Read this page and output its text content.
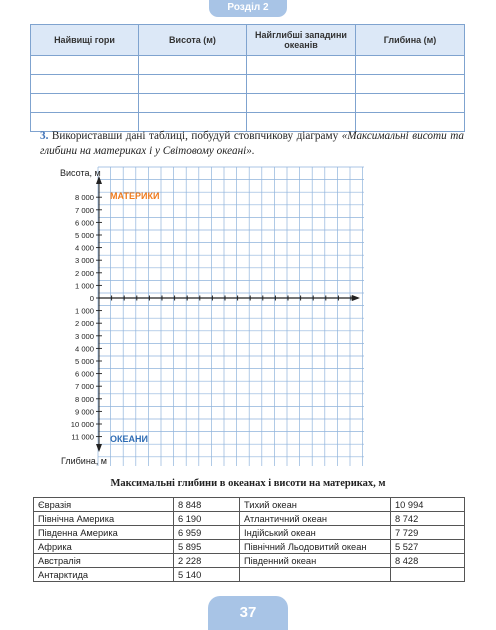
Розділ 2
Найвищі гори	Висота (м)	Найглибші западини океанів	Глибина (м)

3. Використавши дані таблиці, побудуй стовпчикову діаграму «Максимальні висоти та глибини на материках і у Світовому океані».
8 000
7 000
6 000
5 000
4 000
3 000
2 000
1 000
0
1 000
2 000
3 000
4 000
5 000
6 000
7 000
8 000
9 000
10 000
11 000
Висота, м
Глибина, м
МАТЕРИКИ
ОКЕАНИ
Максимальні глибини в океанах і висоти на материках, м
Євразія	8 848	Тихий океан	10 994
Північна Америка	6 190	Атлантичний океан	8 742
Південна Америка	6 959	Індійський океан	7 729
Африка	5 895	Північний Льодовитий океан	5 527
Австралія	2 228	Південний океан	8 428
Антарктида	5 140		
37
